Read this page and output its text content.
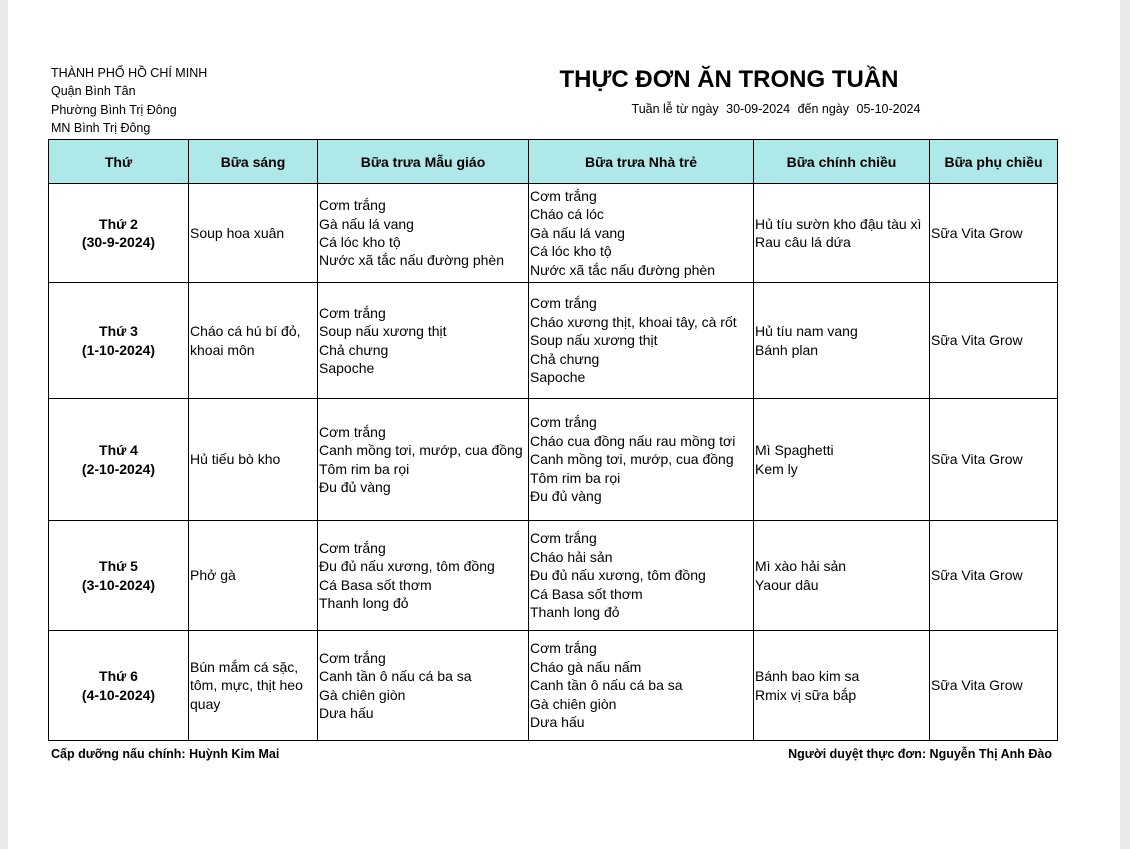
THÀNH PHỐ HỒ CHÍ MINH
Quận Bình Tân
Phường Bình Trị Đông
MN Bình Trị Đông
THỰC ĐƠN ĂN TRONG TUẦN
Tuần lễ từ ngày 30-09-2024 đến ngày 05-10-2024
Thứ	Bữa sáng	Bữa trưa Mẫu giáo	Bữa trưa Nhà trẻ	Bữa chính chiều	Bữa phụ chiều

Thứ 2
(30-9-2024)	Soup hoa xuân	Cơm trắng
Gà nấu lá vang
Cá lóc kho tộ
Nước xã tắc nấu đường phèn	Cơm trắng
Cháo cá lóc
Gà nấu lá vang
Cá lóc kho tộ
Nước xã tắc nấu đường phèn	Hủ tíu sườn kho đậu tàu xì
Rau câu lá dứa	Sữa Vita Grow

Thứ 3
(1-10-2024)	Cháo cá hú bí đỏ,
khoai môn	Cơm trắng
Soup nấu xương thịt
Chả chưng
Sapoche	Cơm trắng
Cháo xương thịt, khoai tây, cà rốt
Soup nấu xương thịt
Chả chưng
Sapoche	Hủ tíu nam vang
Bánh plan	Sữa Vita Grow

Thứ 4
(2-10-2024)	Hủ tiếu bò kho	Cơm trắng
Canh mồng tơi, mướp, cua đồng
Tôm rim ba rọi
Đu đủ vàng	Cơm trắng
Cháo cua đồng nấu rau mồng tơi
Canh mồng tơi, mướp, cua đồng
Tôm rim ba rọi
Đu đủ vàng	Mì Spaghetti
Kem ly	Sữa Vita Grow

Thứ 5
(3-10-2024)	Phở gà	Cơm trắng
Đu đủ nấu xương, tôm đồng
Cá Basa sốt thơm
Thanh long đỏ	Cơm trắng
Cháo hải sản
Đu đủ nấu xương, tôm đồng
Cá Basa sốt thơm
Thanh long đỏ	Mì xào hải sản
Yaour dâu	Sữa Vita Grow

Thứ 6
(4-10-2024)	Bún mắm cá sặc,
tôm, mực, thịt heo
quay	Cơm trắng
Canh tần ô nấu cá ba sa
Gà chiên giòn
Dưa hấu	Cơm trắng
Cháo gà nấu nấm
Canh tần ô nấu cá ba sa
Gà chiên giòn
Dưa hấu	Bánh bao kim sa
Rmix vị sữa bắp	Sữa Vita Grow
Cấp dưỡng nấu chính: Huỳnh Kim Mai	Người duyệt thực đơn: Nguyễn Thị Anh Đào
